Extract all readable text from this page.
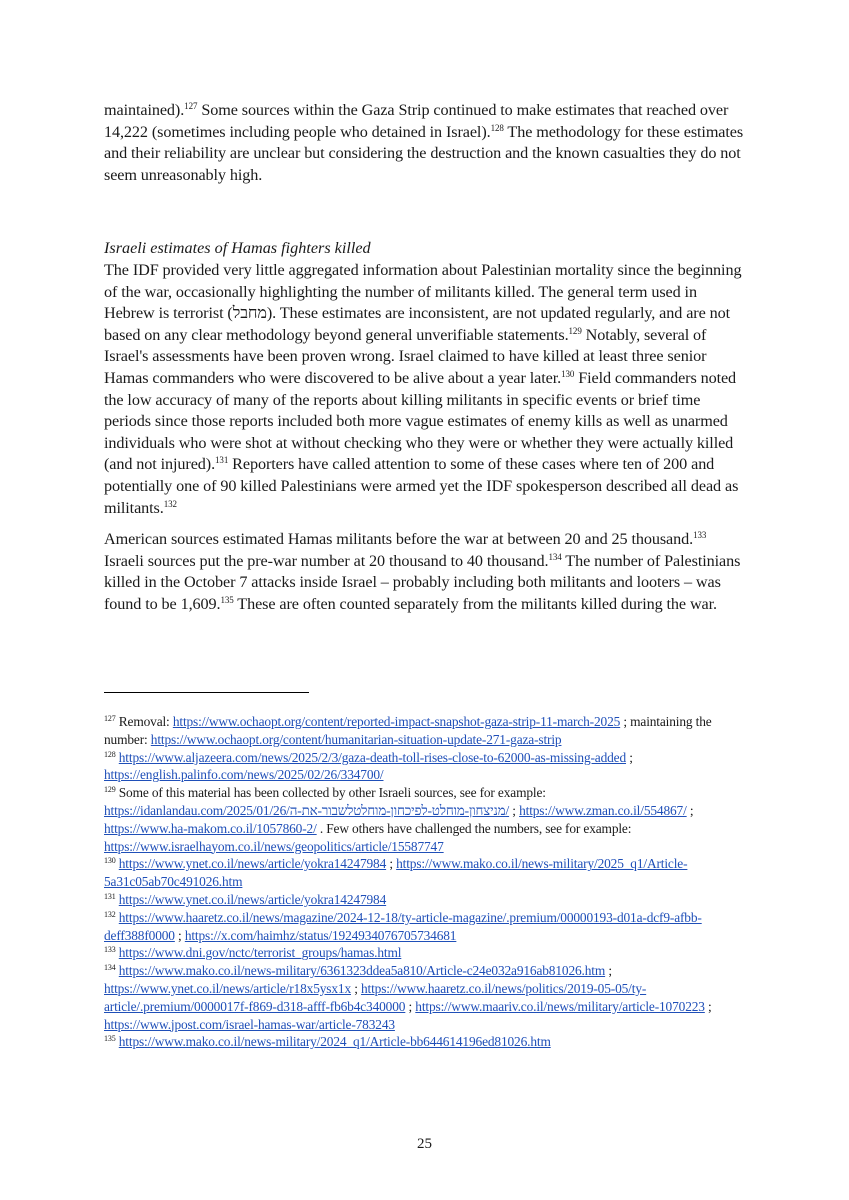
maintained).$^{127}$ Some sources within the Gaza Strip continued to make estimates that reached over 14,222 (sometimes including people who detained in Israel).$^{128}$ The methodology for these estimates and their reliability are unclear but considering the destruction and the known casualties they do not seem unreasonably high.

Israeli estimates of Hamas fighters killed

The IDF provided very little aggregated information about Palestinian mortality since the beginning of the war, occasionally highlighting the number of militants killed. The general term used in Hebrew is terrorist (מחבל). These estimates are inconsistent, are not updated regularly, and are not based on any clear methodology beyond general unverifiable statements.$^{129}$ Notably, several of Israel's assessments have been proven wrong. Israel claimed to have killed at least three senior Hamas commanders who were discovered to be alive about a year later.$^{130}$ Field commanders noted the low accuracy of many of the reports about killing militants in specific events or brief time periods since those reports included both more vague estimates of enemy kills as well as unarmed individuals who were shot at without checking who they were or whether they were actually killed (and not injured).$^{131}$ Reporters have called attention to some of these cases where ten of 200 and potentially one of 90 killed Palestinians were armed yet the IDF spokesperson described all dead as militants.$^{132}$

American sources estimated Hamas militants before the war at between 20 and 25 thousand.$^{133}$ Israeli sources put the pre-war number at 20 thousand to 40 thousand.$^{134}$ The number of Palestinians killed in the October 7 attacks inside Israel – probably including both militants and looters – was found to be 1,609.$^{135}$ These are often counted separately from the militants killed during the war.

$^{127}$ Removal: https://www.ochaopt.org/content/reported-impact-snapshot-gaza-strip-11-march-2025 ; maintaining the number: https://www.ochaopt.org/content/humanitarian-situation-update-271-gaza-strip

$^{128}$ https://www.aljazeera.com/news/2025/2/3/gaza-death-toll-rises-close-to-62000-as-missing-added ; https://english.palinfo.com/news/2025/02/26/334700/

$^{129}$ Some of this material has been collected by other Israeli sources, see for example: https://idanlandau.com/2025/01/26/מניצחון-מוחלט-לפיכחון-מוחלטלשבור-את-ה/ ; https://www.zman.co.il/554867/ ; https://www.ha-makom.co.il/1057860-2/ . Few others have challenged the numbers, see for example: https://www.israelhayom.co.il/news/geopolitics/article/15587747

$^{130}$ https://www.ynet.co.il/news/article/yokra14247984 ; https://www.mako.co.il/news-military/2025_q1/Article-5a31c05ab70c491026.htm

$^{131}$ https://www.ynet.co.il/news/article/yokra14247984

$^{132}$ https://www.haaretz.co.il/news/magazine/2024-12-18/ty-article-magazine/.premium/00000193-d01a-dcf9-afbb-deff388f0000 ; https://x.com/haimhz/status/1924934076705734681

$^{133}$ https://www.dni.gov/nctc/terrorist_groups/hamas.html

$^{134}$ https://www.mako.co.il/news-military/6361323ddea5a810/Article-c24e032a916ab81026.htm ; https://www.ynet.co.il/news/article/r18x5ysx1x ; https://www.haaretz.co.il/news/politics/2019-05-05/ty-article/.premium/0000017f-f869-d318-afff-fb6b4c340000 ; https://www.maariv.co.il/news/military/article-1070223 ; https://www.jpost.com/israel-hamas-war/article-783243

$^{135}$ https://www.mako.co.il/news-military/2024_q1/Article-bb644614196ed81026.htm

25
